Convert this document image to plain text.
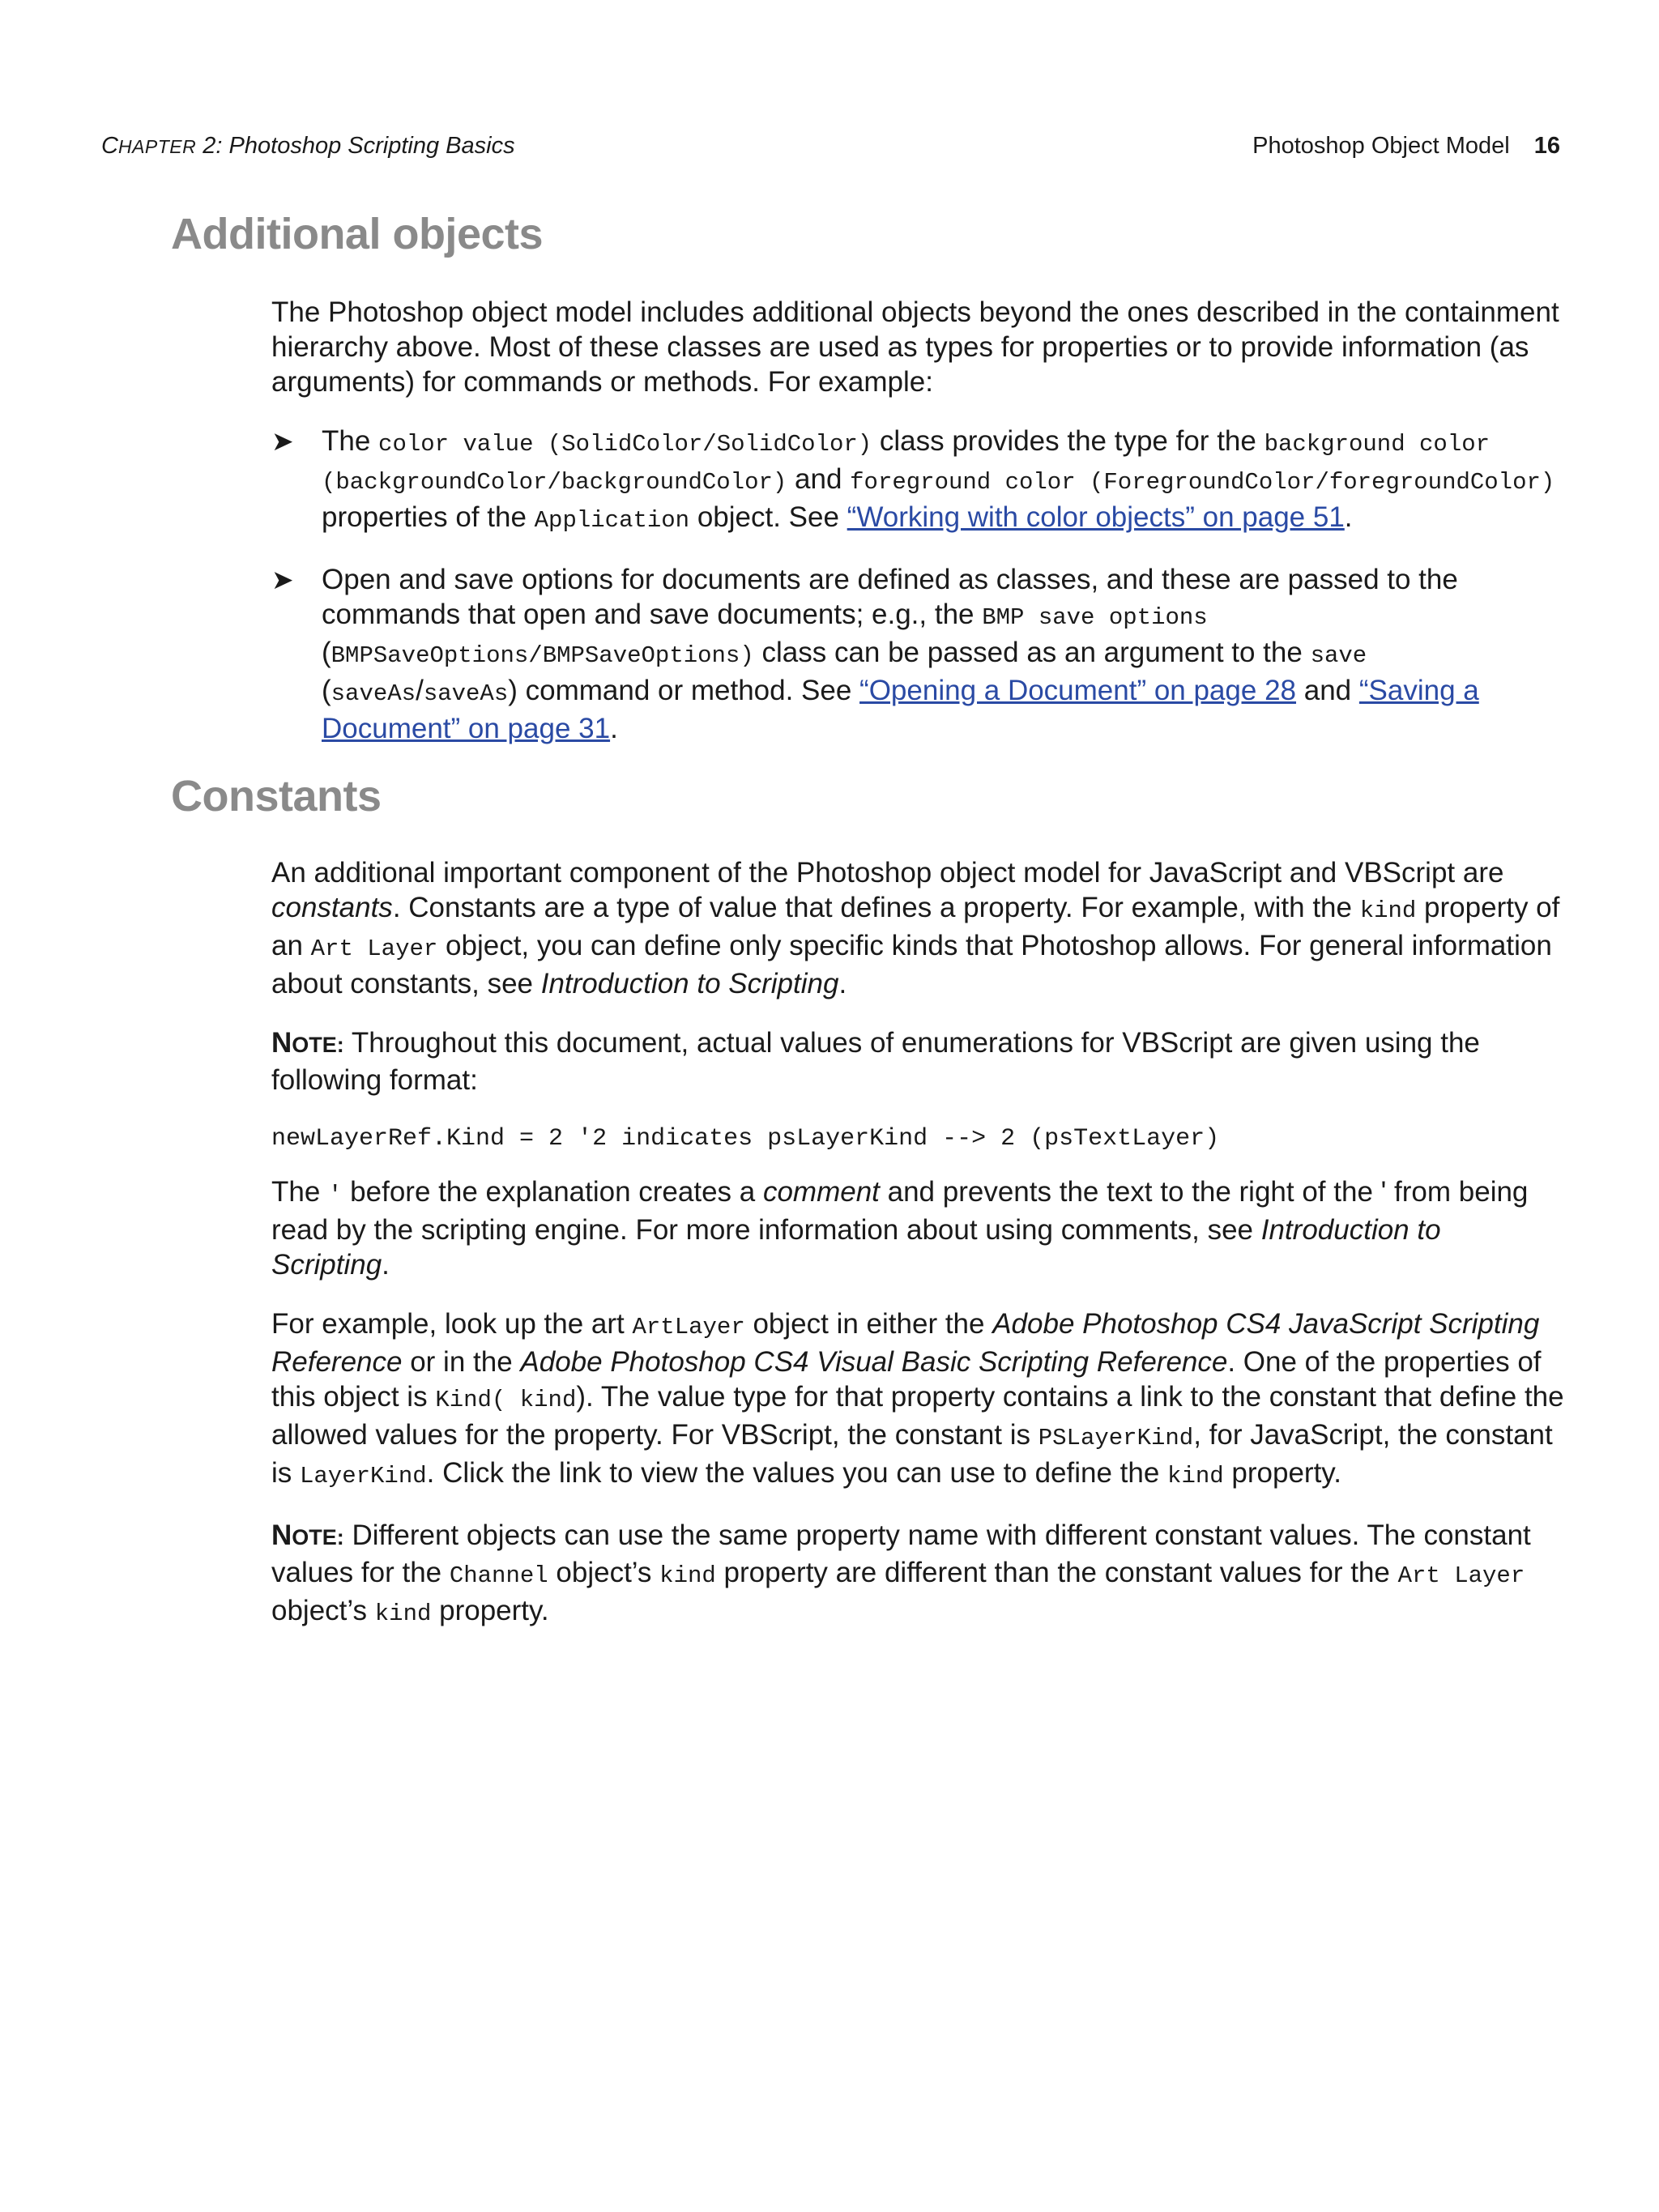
CHAPTER 2: Photoshop Scripting Basics	Photoshop Object Model 16
Additional objects

The Photoshop object model includes additional objects beyond the ones described in the containment hierarchy above. Most of these classes are used as types for properties or to provide information (as arguments) for commands or methods. For example:

➤ The color value (SolidColor/SolidColor) class provides the type for the background color (backgroundColor/backgroundColor) and foreground color (ForegroundColor/foregroundColor) properties of the Application object. See “Working with color objects” on page 51.

➤ Open and save options for documents are defined as classes, and these are passed to the commands that open and save documents; e.g., the BMP save options (BMPSaveOptions/BMPSaveOptions) class can be passed as an argument to the save (saveAs/saveAs) command or method. See “Opening a Document” on page 28 and “Saving a Document” on page 31.

Constants

An additional important component of the Photoshop object model for JavaScript and VBScript are constants. Constants are a type of value that defines a property. For example, with the kind property of an Art Layer object, you can define only specific kinds that Photoshop allows. For general information about constants, see Introduction to Scripting.

NOTE: Throughout this document, actual values of enumerations for VBScript are given using the following format:

newLayerRef.Kind = 2 '2 indicates psLayerKind --> 2 (psTextLayer)

The ' before the explanation creates a comment and prevents the text to the right of the ' from being read by the scripting engine. For more information about using comments, see Introduction to Scripting.

For example, look up the art ArtLayer object in either the Adobe Photoshop CS4 JavaScript Scripting Reference or in the Adobe Photoshop CS4 Visual Basic Scripting Reference. One of the properties of this object is Kind( kind). The value type for that property contains a link to the constant that define the allowed values for the property. For VBScript, the constant is PSLayerKind, for JavaScript, the constant is LayerKind. Click the link to view the values you can use to define the kind property.

NOTE: Different objects can use the same property name with different constant values. The constant values for the Channel object’s kind property are different than the constant values for the Art Layer object’s kind property.
